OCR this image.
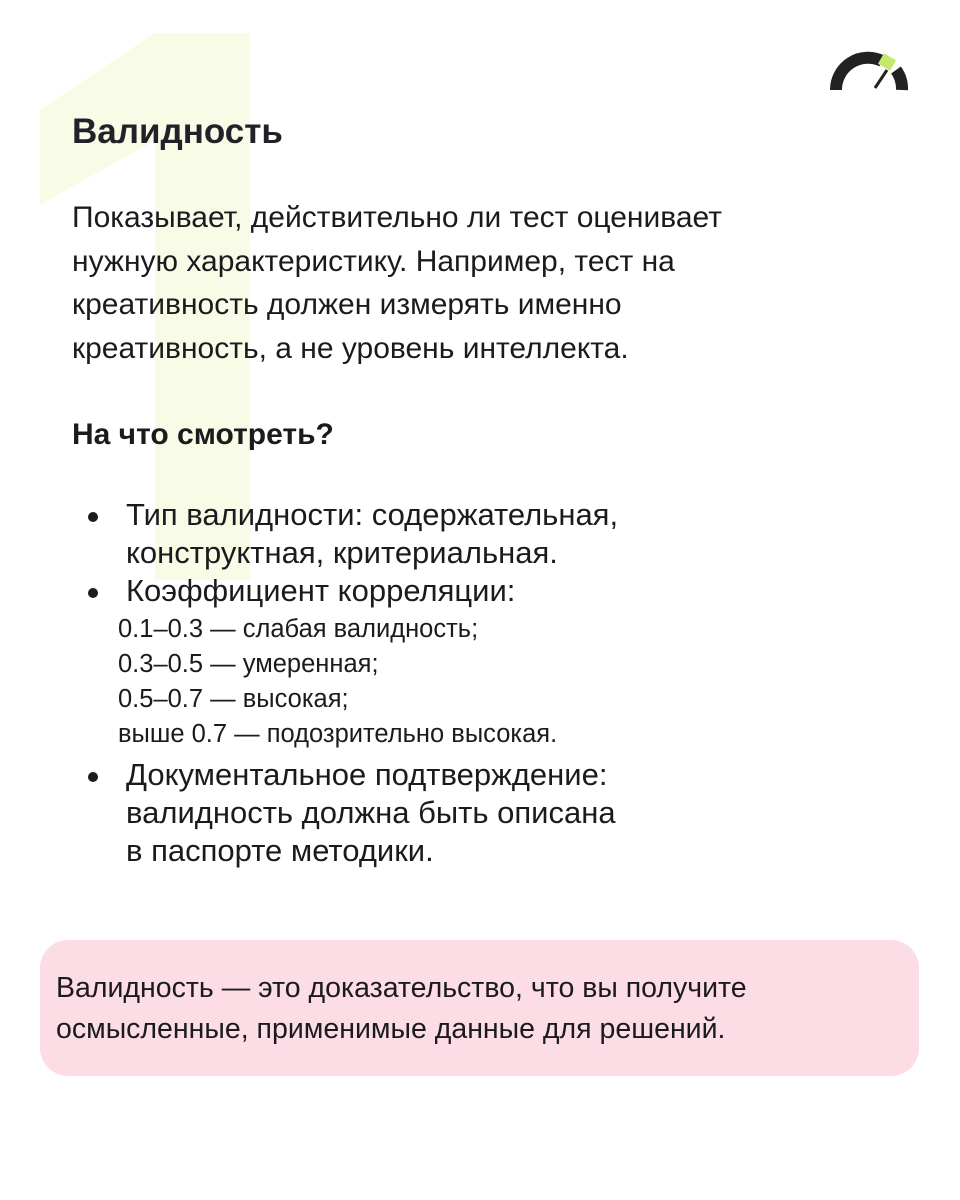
Валидность

Показывает, действительно ли тест оценивает
нужную характеристику. Например, тест на
креативность должен измерять именно
креативность, а не уровень интеллекта.

На что смотреть?
Тип валидности: содержательная,
конструктная, критериальная.
Коэффициент корреляции:
0.1–0.3 — слабая валидность;
0.3–0.5 — умеренная;
0.5–0.7 — высокая;
выше 0.7 — подозрительно высокая.
Документальное подтверждение:
валидность должна быть описана
в паспорте методики.

Валидность — это доказательство, что вы получите
осмысленные, применимые данные для решений.
